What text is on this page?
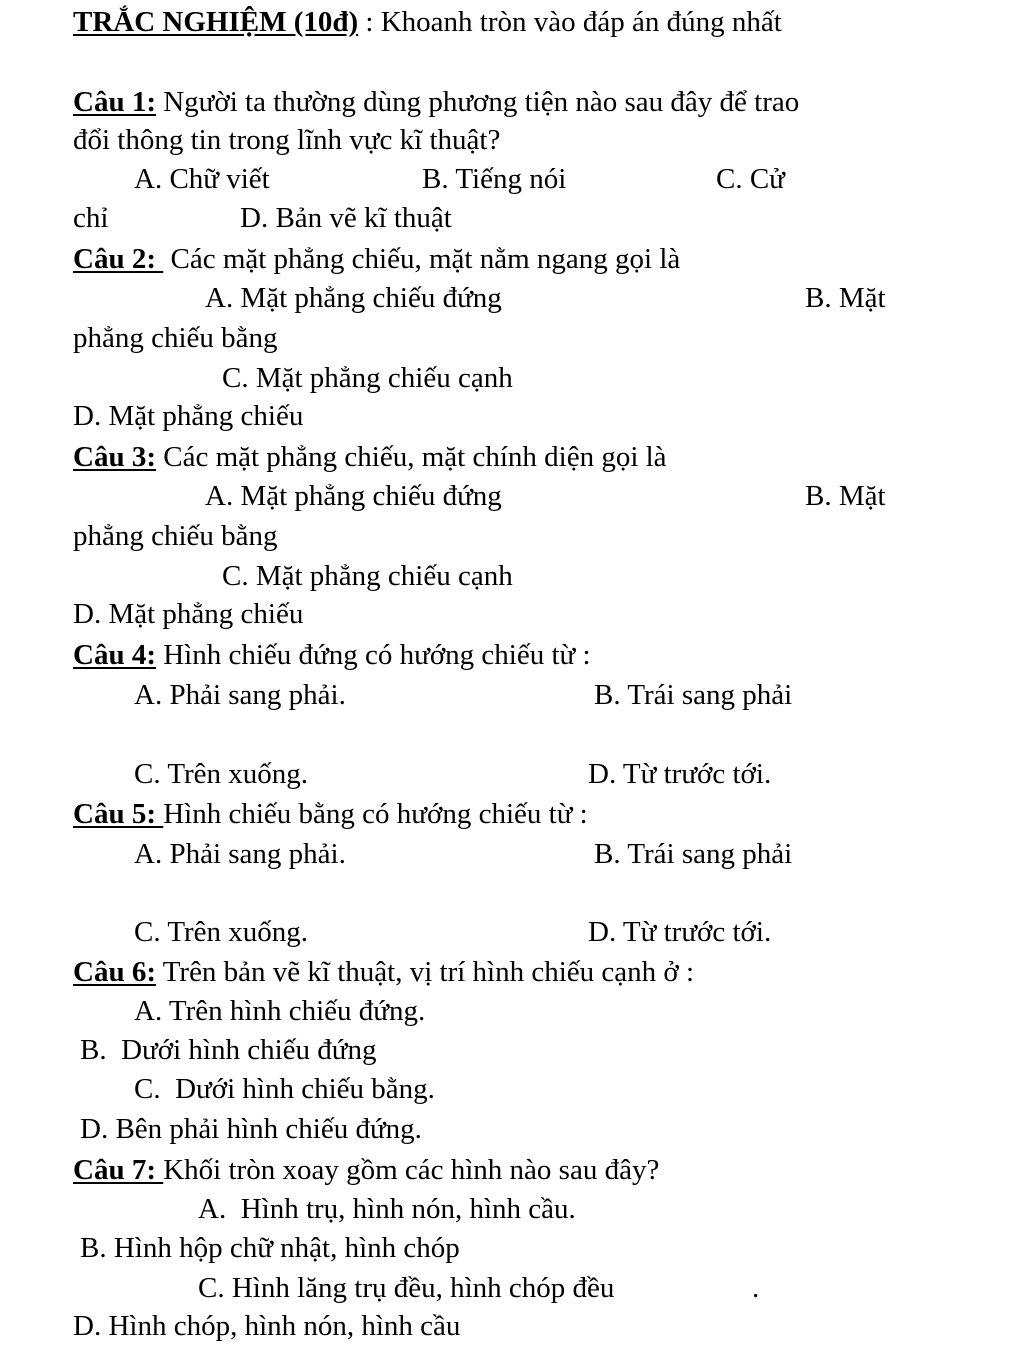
TRẮC NGHIỆM (10đ) : Khoanh tròn vào đáp án đúng nhất
Câu 1: Người ta thường dùng phương tiện nào sau đây để trao
đổi thông tin trong lĩnh vực kĩ thuật?
A. Chữ viết	B. Tiếng nói	C. Cử
chỉ	D. Bản vẽ kĩ thuật
Câu 2:  Các mặt phẳng chiếu, mặt nằm ngang gọi là
A. Mặt phẳng chiếu đứng	B. Mặt
phẳng chiếu bằng
C. Mặt phẳng chiếu cạnh
D. Mặt phẳng chiếu
Câu 3: Các mặt phẳng chiếu, mặt chính diện gọi là
A. Mặt phẳng chiếu đứng	B. Mặt
phẳng chiếu bằng
C. Mặt phẳng chiếu cạnh
D. Mặt phẳng chiếu
Câu 4: Hình chiếu đứng có hướng chiếu từ :
A. Phải sang phải.	B. Trái sang phải
C. Trên xuống.	D. Từ trước tới.
Câu 5: Hình chiếu bằng có hướng chiếu từ :
A. Phải sang phải.	B. Trái sang phải
C. Trên xuống.	D. Từ trước tới.
Câu 6: Trên bản vẽ kĩ thuật, vị trí hình chiếu cạnh ở :
A. Trên hình chiếu đứng.
B.  Dưới hình chiếu đứng
C.  Dưới hình chiếu bằng.
D. Bên phải hình chiếu đứng.
Câu 7: Khối tròn xoay gồm các hình nào sau đây?
A.  Hình trụ, hình nón, hình cầu.
B. Hình hộp chữ nhật, hình chóp
C. Hình lăng trụ đều, hình chóp đều	.
D. Hình chóp, hình nón, hình cầu
